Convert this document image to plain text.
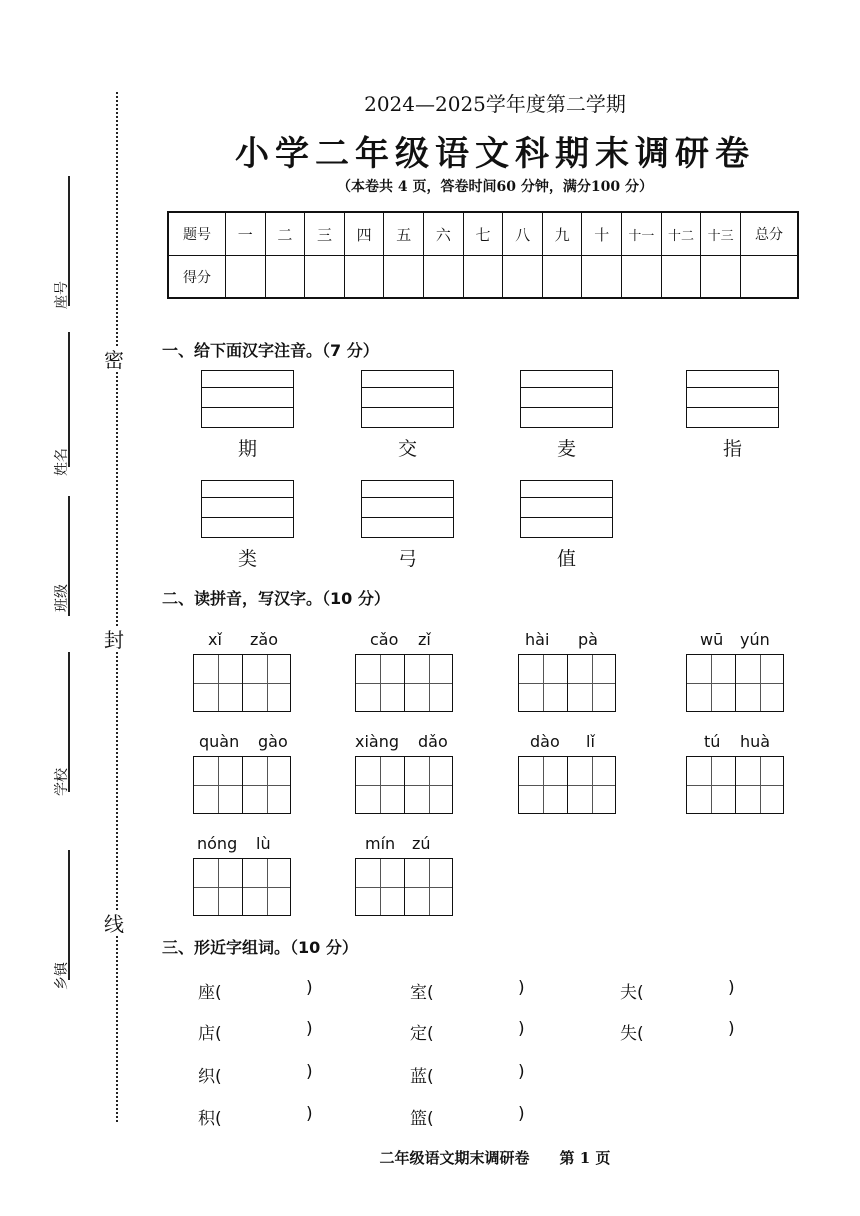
密
封
线
座号
姓名
班级
学校
乡镇
2024—2025学年度第二学期
小学二年级语文科期末调研卷
（本卷共 4 页，答卷时间60 分钟，满分100 分）
题号	一	二	三	四	五	六	七	八	九	十	十一	十二	十三	总分
得分														
一、给下面汉字注音。（7 分）
期	交	麦	指
类	弓	值
二、读拼音，写汉字。（10 分）
xǐ zǎo	cǎo zǐ	hài pà	wū yún
quàn gào	xiàng dǎo	dào lǐ	tú huà
nóng lù	mín zú
三、形近字组词。（10 分）
座(	)	室(	)	夫(	)
店(	)	定(	)	失(	)
织(	)	蓝(	)
积(	)	篮(	)
二年级语文期末调研卷　　第 1 页
